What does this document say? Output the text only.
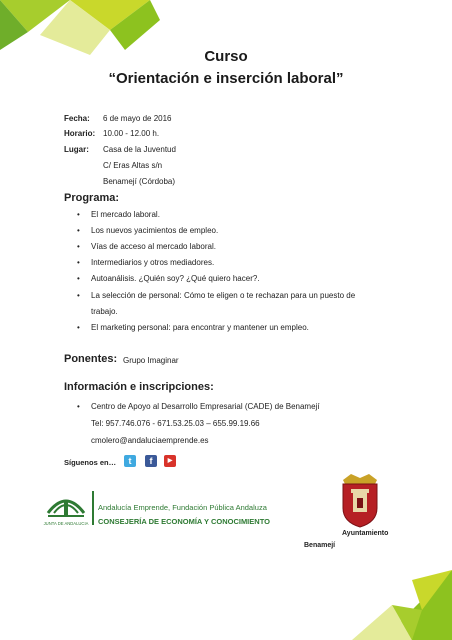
Curso
“Orientación e inserción laboral”
Fecha: 6 de mayo de 2016
Horario: 10.00 - 12.00 h.
Lugar: Casa de la Juventud
C/ Eras Altas s/n
Benamejí (Córdoba)
Programa:
• El mercado laboral.
• Los nuevos yacimientos de empleo.
• Vías de acceso al mercado laboral.
• Intermediarios y otros mediadores.
• Autoanálisis. ¿Quién soy? ¿Qué quiero hacer?.
• La selección de personal: Cómo te eligen o te rechazan para un puesto de
trabajo.
• El marketing personal: para encontrar y mantener un empleo.
Ponentes: Grupo Imaginar
Información e inscripciones:
• Centro de Apoyo al Desarrollo Empresarial (CADE) de Benamejí
Tel: 957.746.076 - 671.53.25.03 – 655.99.19.66
cmolero@andaluciaemprende.es
Síguenos en…	t	f	▶
JUNTA DE ANDALUCIA
Andalucía Emprende, Fundación Pública Andaluza
CONSEJERÍA DE ECONOMÍA Y CONOCIMIENTO
Ayuntamiento
Benamejí
